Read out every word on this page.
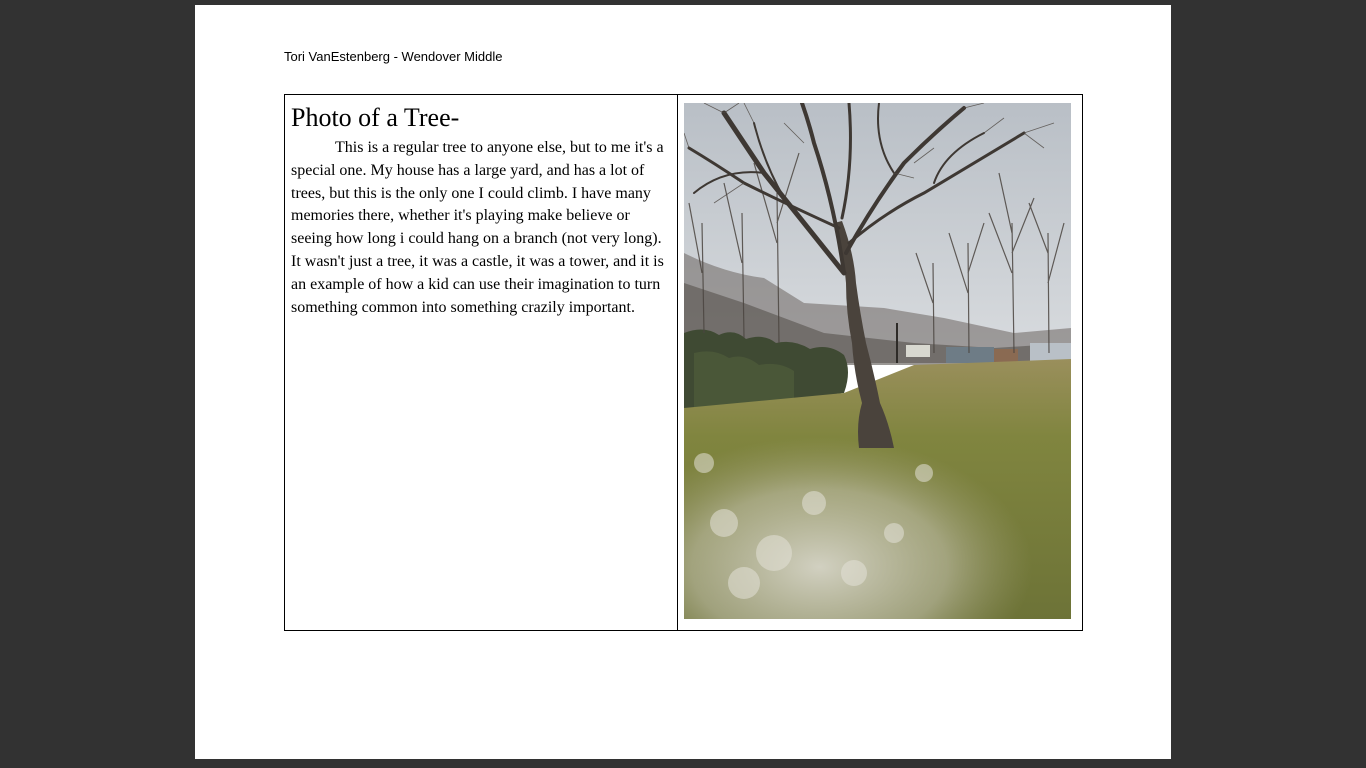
Tori VanEstenberg - Wendover Middle
Photo of a Tree-

This is a regular tree to anyone else, but to me it's a special one. My house has a large yard, and has a lot of trees, but this is the only one I could climb. I have many memories there, whether it's playing make believe or seeing how long i could hang on a branch (not very long). It wasn't just a tree, it was a castle, it was a tower, and it is an example of how a kid can use their imagination to turn something common into something crazily important.
